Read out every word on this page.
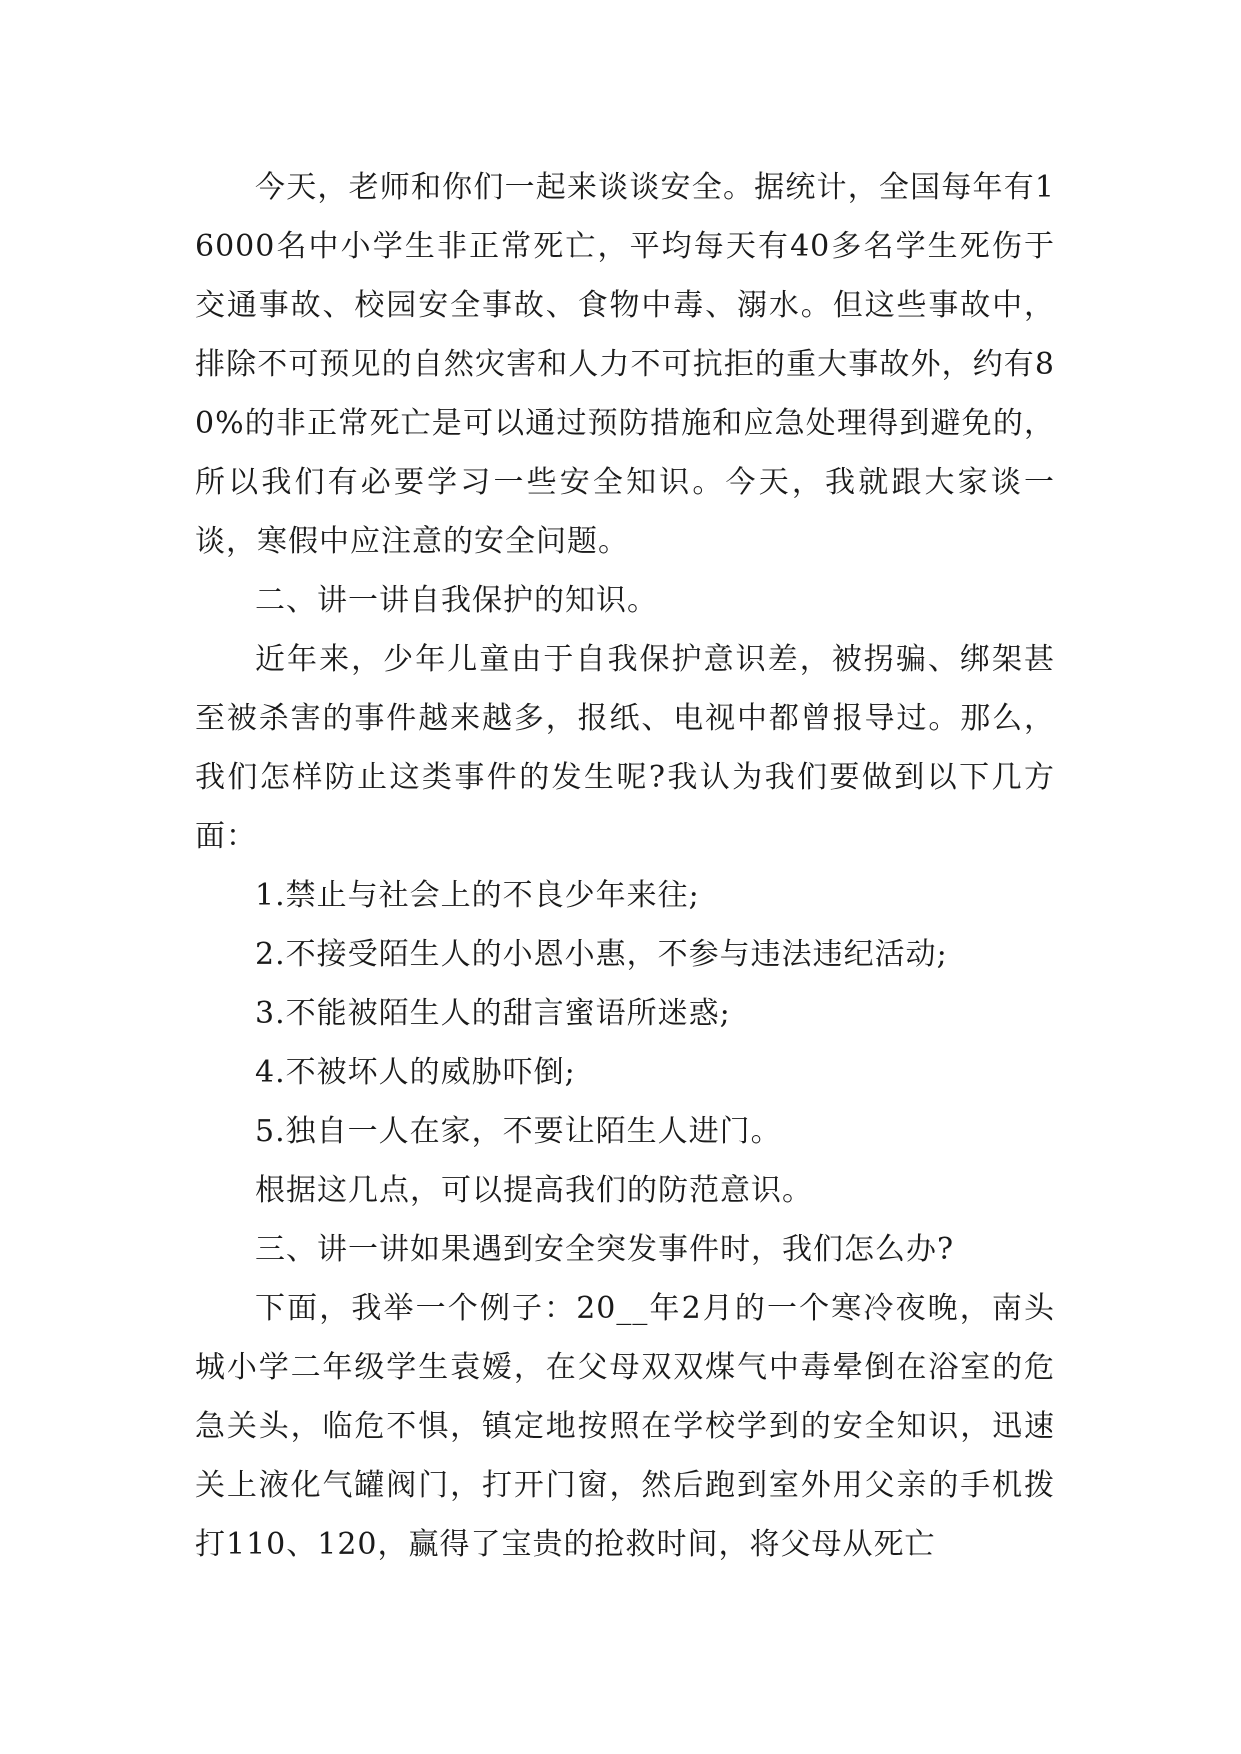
今天，老师和你们一起来谈谈安全。据统计，全国每年有16000名中小学生非正常死亡，平均每天有40多名学生死伤于交通事故、校园安全事故、食物中毒、溺水。但这些事故中，排除不可预见的自然灾害和人力不可抗拒的重大事故外，约有80%的非正常死亡是可以通过预防措施和应急处理得到避免的，所以我们有必要学习一些安全知识。今天，我就跟大家谈一谈，寒假中应注意的安全问题。

二、讲一讲自我保护的知识。

近年来，少年儿童由于自我保护意识差，被拐骗、绑架甚至被杀害的事件越来越多，报纸、电视中都曾报导过。那么，我们怎样防止这类事件的发生呢?我认为我们要做到以下几方面：

1.禁止与社会上的不良少年来往;

2.不接受陌生人的小恩小惠，不参与违法违纪活动;

3.不能被陌生人的甜言蜜语所迷惑;

4.不被坏人的威胁吓倒;

5.独自一人在家，不要让陌生人进门。

根据这几点，可以提高我们的防范意识。

三、讲一讲如果遇到安全突发事件时，我们怎么办?

下面，我举一个例子：20__年2月的一个寒冷夜晚，南头城小学二年级学生袁嫒，在父母双双煤气中毒晕倒在浴室的危急关头，临危不惧，镇定地按照在学校学到的安全知识，迅速关上液化气罐阀门，打开门窗，然后跑到室外用父亲的手机拨打110、120，赢得了宝贵的抢救时间，将父母从死亡
